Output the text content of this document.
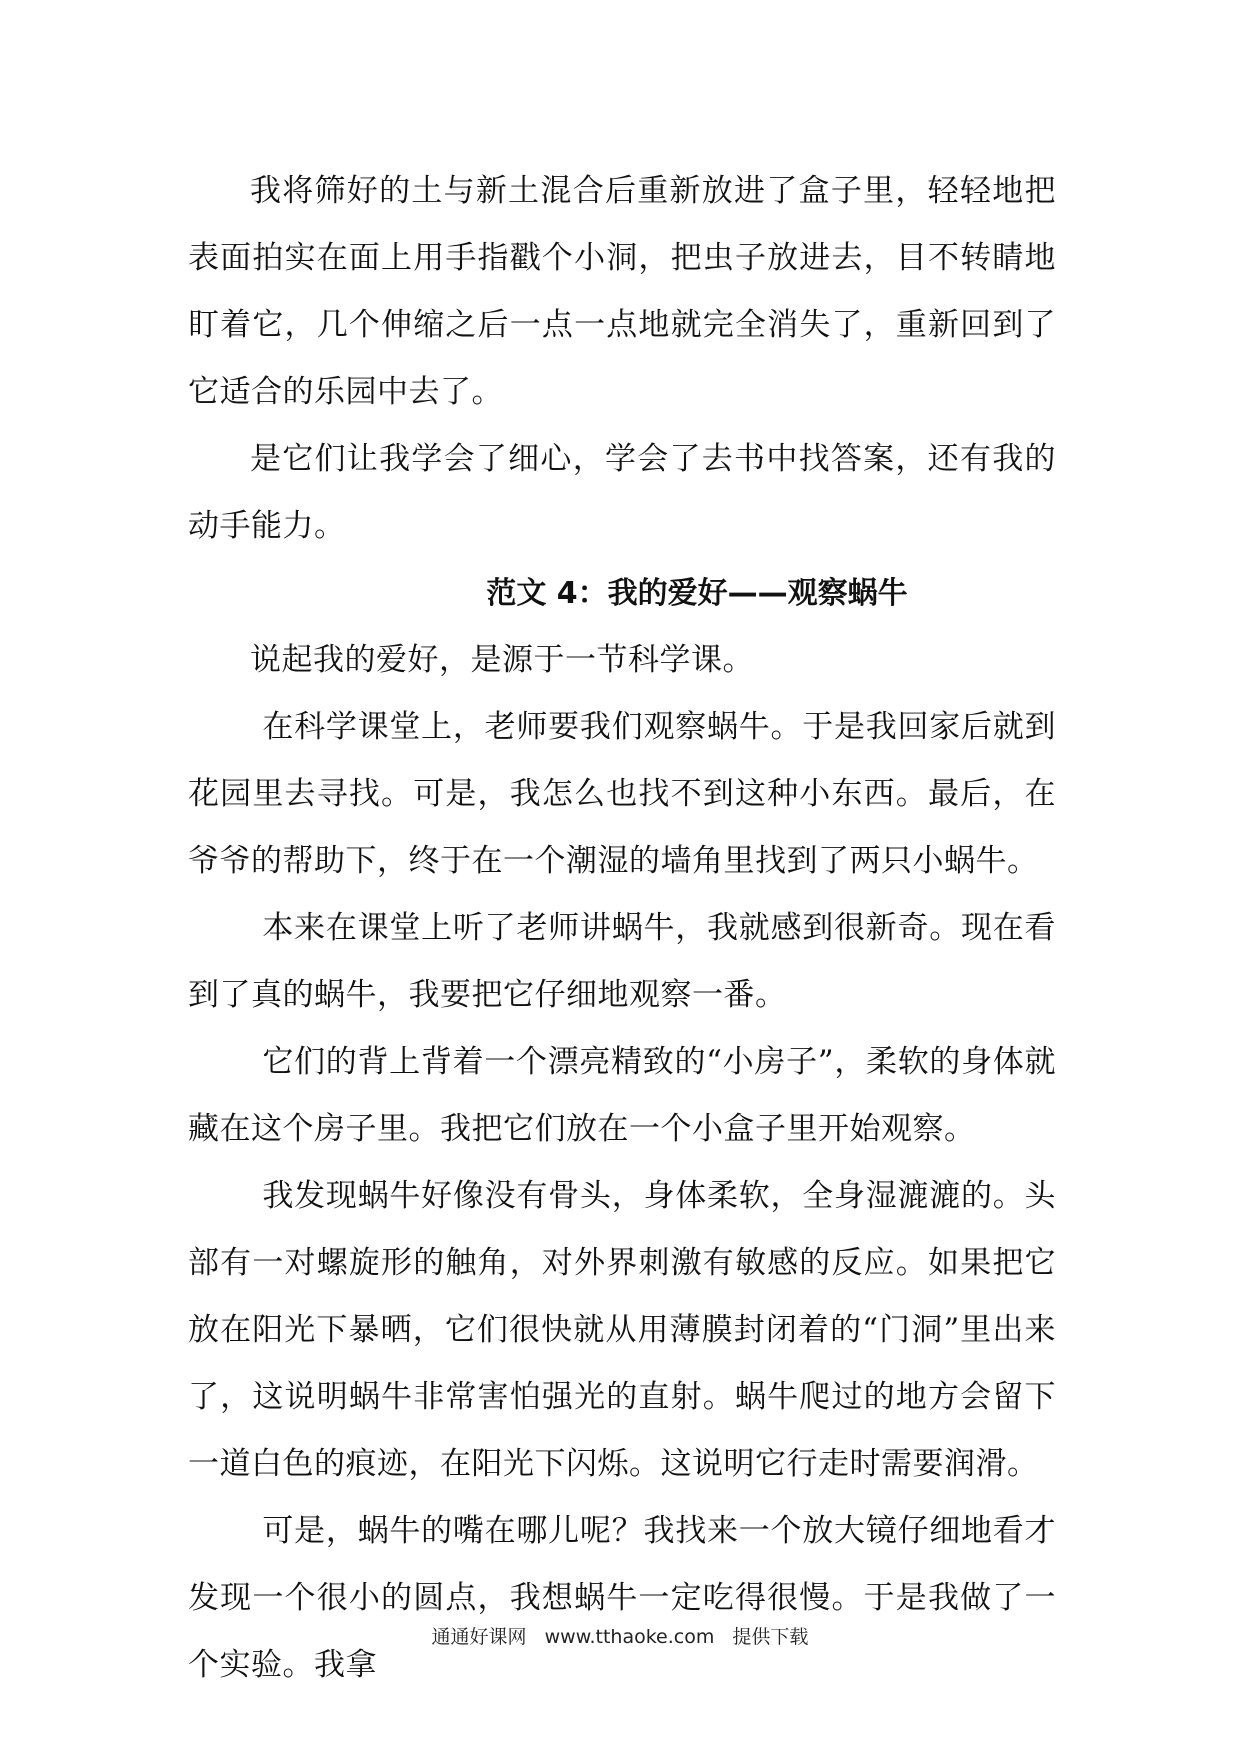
我将筛好的土与新土混合后重新放进了盒子里，轻轻地把表面拍实在面上用手指戳个小洞，把虫子放进去，目不转睛地盯着它，几个伸缩之后一点一点地就完全消失了，重新回到了它适合的乐园中去了。

是它们让我学会了细心，学会了去书中找答案，还有我的动手能力。

范文 4：我的爱好——观察蜗牛

说起我的爱好，是源于一节科学课。

在科学课堂上，老师要我们观察蜗牛。于是我回家后就到花园里去寻找。可是，我怎么也找不到这种小东西。最后，在爷爷的帮助下，终于在一个潮湿的墙角里找到了两只小蜗牛。

本来在课堂上听了老师讲蜗牛，我就感到很新奇。现在看到了真的蜗牛，我要把它仔细地观察一番。

它们的背上背着一个漂亮精致的“小房子”，柔软的身体就藏在这个房子里。我把它们放在一个小盒子里开始观察。

我发现蜗牛好像没有骨头，身体柔软，全身湿漉漉的。头部有一对螺旋形的触角，对外界刺激有敏感的反应。如果把它放在阳光下暴晒，它们很快就从用薄膜封闭着的“门洞”里出来了，这说明蜗牛非常害怕强光的直射。蜗牛爬过的地方会留下一道白色的痕迹，在阳光下闪烁。这说明它行走时需要润滑。

可是，蜗牛的嘴在哪儿呢？我找来一个放大镜仔细地看才发现一个很小的圆点，我想蜗牛一定吃得很慢。于是我做了一个实验。我拿

通通好课网 www.tthaoke.com 提供下载
